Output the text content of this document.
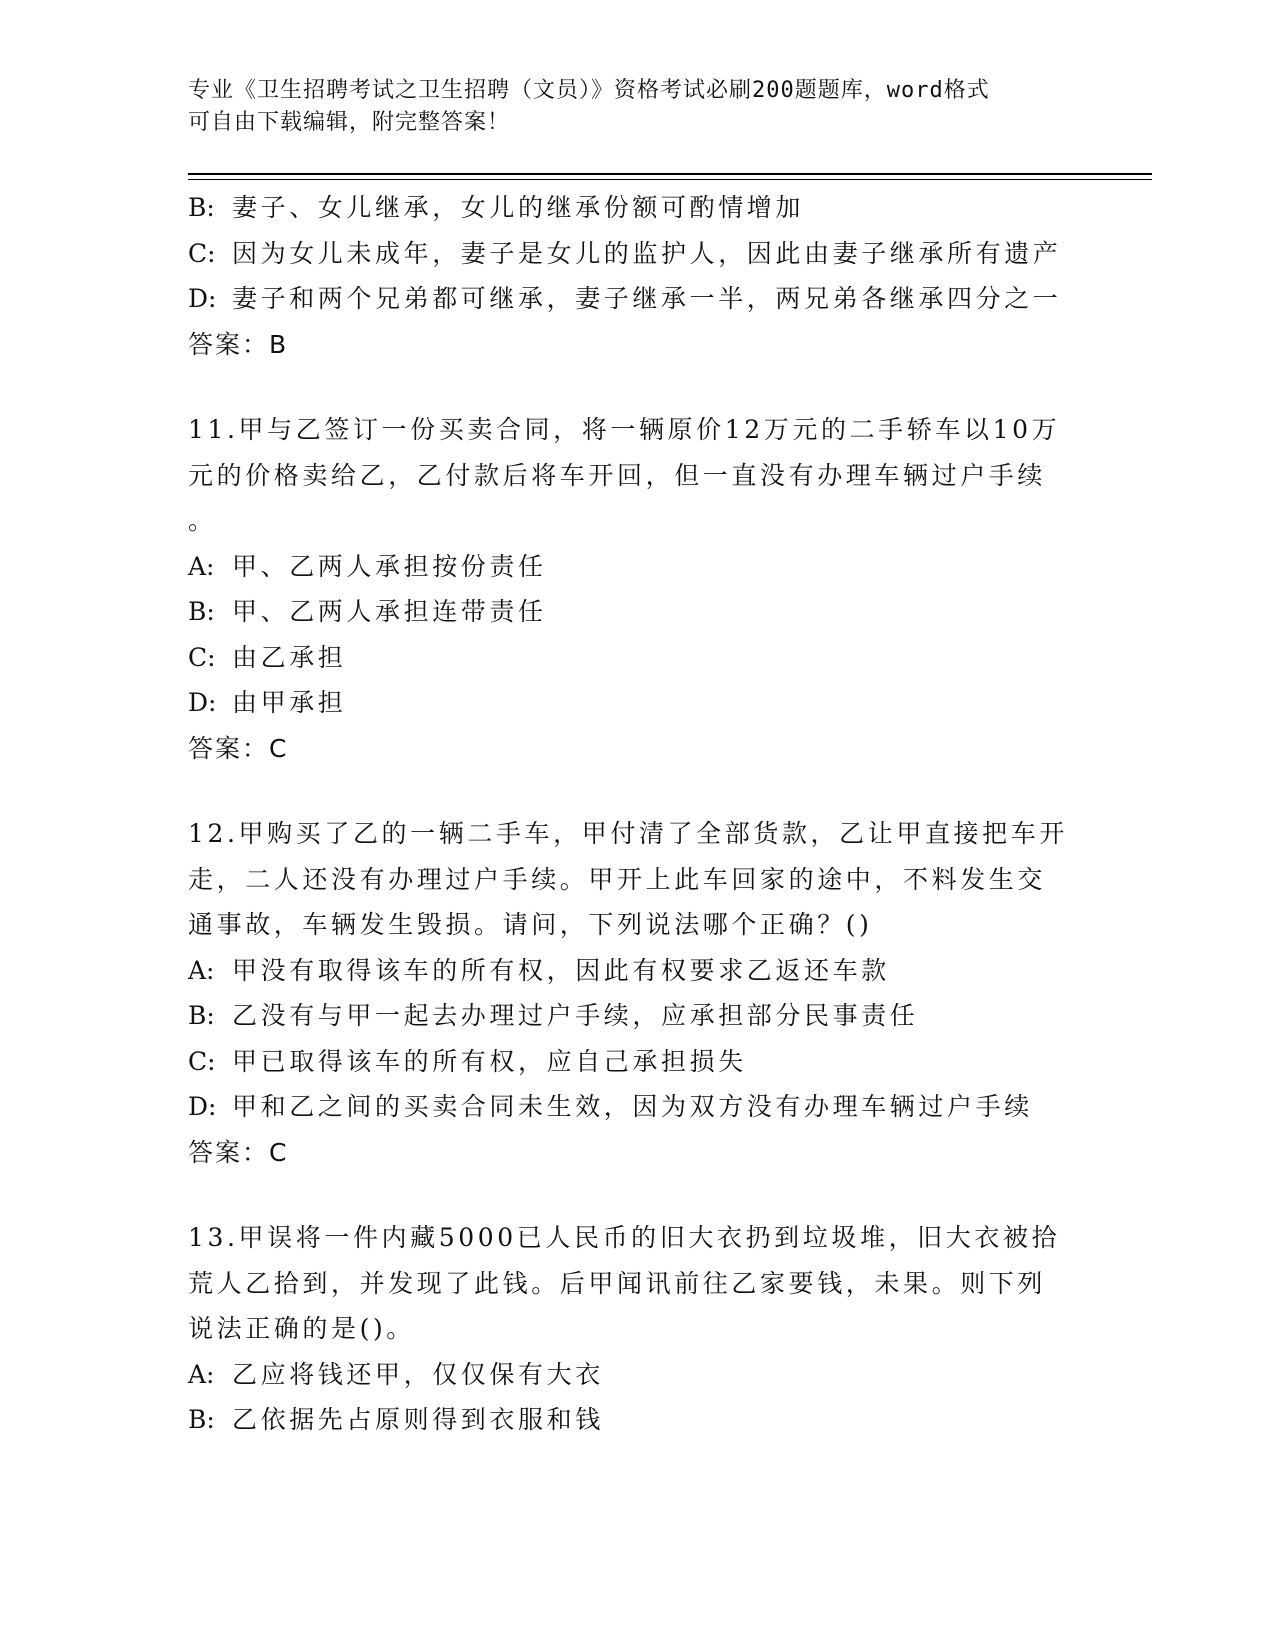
专业《卫生招聘考试之卫生招聘（文员）》资格考试必刷200题题库，word格式
可自由下载编辑，附完整答案！
B: 妻子、女儿继承，女儿的继承份额可酌情增加
C: 因为女儿未成年，妻子是女儿的监护人，因此由妻子继承所有遗产
D: 妻子和两个兄弟都可继承，妻子继承一半，两兄弟各继承四分之一
答案：B
11.甲与乙签订一份买卖合同，将一辆原价12万元的二手轿车以10万
元的价格卖给乙，乙付款后将车开回，但一直没有办理车辆过户手续
。
A: 甲、乙两人承担按份责任
B: 甲、乙两人承担连带责任
C: 由乙承担
D: 由甲承担
答案：C
12.甲购买了乙的一辆二手车，甲付清了全部货款，乙让甲直接把车开
走，二人还没有办理过户手续。甲开上此车回家的途中，不料发生交
通事故，车辆发生毁损。请问，下列说法哪个正确？()
A: 甲没有取得该车的所有权，因此有权要求乙返还车款
B: 乙没有与甲一起去办理过户手续，应承担部分民事责任
C: 甲已取得该车的所有权，应自己承担损失
D: 甲和乙之间的买卖合同未生效，因为双方没有办理车辆过户手续
答案：C
13.甲误将一件内藏5000已人民币的旧大衣扔到垃圾堆，旧大衣被拾
荒人乙拾到，并发现了此钱。后甲闻讯前往乙家要钱，未果。则下列
说法正确的是()。
A: 乙应将钱还甲，仅仅保有大衣
B: 乙依据先占原则得到衣服和钱
